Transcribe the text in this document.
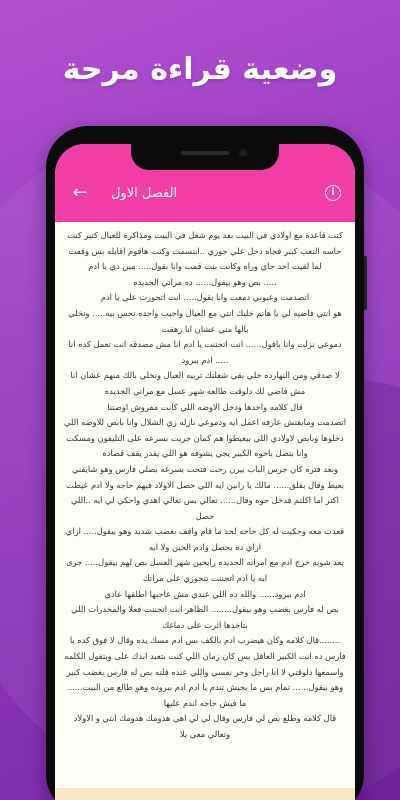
وضعية قراءة مرحة
← الفصل الاول	i

كنت قاعدة مع اولادي في البيت بعد يوم شغل في البيت ومذاكره للعيال كتير كنت حاسه التعب كبير فجاه دخل علي جوزي ..ابتسمت وكنت هاقوم اقابله بس وقفت لما لقيت احد جاي وراه وكانت بنت قمت وانا بقول..... مين دي يا ادم

..... بص وهو بيقول...... ده مراتي الجديده

اتصدمت وعيوني دمعت وانا بقول..... انت اتجوزت علي يا ادم

هو انتي فاضيه لي يا هانم خليك انتي مع العيال واجيب واحده تحس بيه..... وتخلي بالها مني عشان انا زهقت

دموعي نزلت وانا باقول...... انت اتجننت يا ادم انا مش مصدقه انت تعمل كده انا

..... ادم يبرود

لا صدقي ومن النهارده خلي بقي شغلتك تربيه العيال وتخلي بالك منهم عشان انا مش فاضي لك دلوقت طالعه شهر عسل مع مراتي الجديده

قال كلامه واخدها ودخل الاوضه اللي كانت مفروش اوضتنا

اتصدمت ومابقتش عارفه اعمل ايه ودموعي نازله زي الشلال وانا بابص للاوضه اللي دخلوها وبابص لاولادي اللي بيعيطوا هم كمان جريت بسرعه على التليفون ومسكت وانا بتصل باخوه الكبير يجي يشوفه هو اللي يقدر يقف قصاده

وبعد فتره كان جرس الباب بيرن رحت فتحت بسرعه بصلي فارس وهو شايفني بعيط وقال بقلق...... مالك يا رانين ايه اللي حصل الاولاد فيهم حاجه ولا ادم عيطت اكتر اما اكلتم فدخل جوه وقال...... تعالي بس تعالي اهدي واحكي لي ايه ..اللي حصل

قعدت معه وحكيت له كل حاجه لحد ما قام واقف بغضب شديد وهو بيقول..... ازاي ازاي ده يحصل وادم الحين ولا ايه

بعد شويه خرج ادم مع امراته الجديده رايحين شهر العسل بص لهم بيقول..... جرى ايه يا ادم اتجننت تتجوزي على مراتك

ادم بيرود...... والله ده اللي عندي مش عاجبها اطلقها عادي

بص له فارس بغضب وهو بيقول........ الظاهر انت اتجننت فعلا والمخدرات اللي بتاخدها اثرت على دماغك

........قال كلامه وكان هيضرب ادم بالكف بس ادم مسك يده وقال لا فوق كده يا فارس ده انت الكبير العاقل بس كان زمان اللي كنت بتعبد ابدك على وبتقول الكلمه واسمعها دلوقتي لا انا راجل وحر نفسي واللي عنده قلته بص له فارس بغضب كبير وهو بيقول...... تمام بس ما يجيش تندم يا ادم ادم ببروده وهو طالع من البيت...... ما فيش حاجه اندم عليها

قال كلامه وطلع بص لي فارس وقال لي لي اهي هدومك هدومك انتي و الاولاد وتعالي معي يلا
